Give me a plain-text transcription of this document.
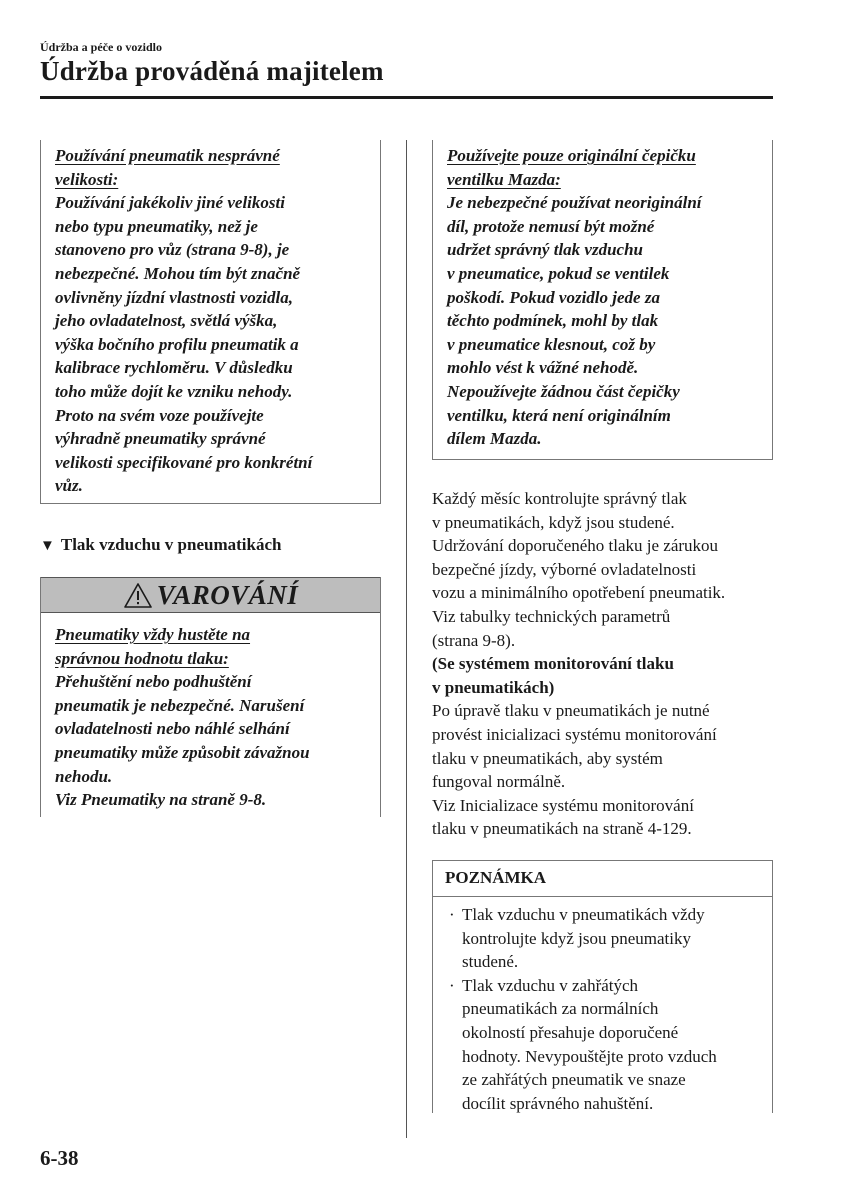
Údržba a péče o vozidlo
Údržba prováděná majitelem
Používání pneumatik nesprávné
velikosti:
Používání jakékoliv jiné velikosti
nebo typu pneumatiky, než je
stanoveno pro vůz (strana 9-8), je
nebezpečné. Mohou tím být značně
ovlivněny jízdní vlastnosti vozidla,
jeho ovladatelnost, světlá výška,
výška bočního profilu pneumatik a
kalibrace rychloměru. V důsledku
toho může dojít ke vzniku nehody.
Proto na svém voze používejte
výhradně pneumatiky správné
velikosti specifikované pro konkrétní
vůz.
▼ Tlak vzduchu v pneumatikách
VAROVÁNÍ
Pneumatiky vždy hustěte na
správnou hodnotu tlaku:
Přehuštění nebo podhuštění
pneumatik je nebezpečné. Narušení
ovladatelnosti nebo náhlé selhání
pneumatiky může způsobit závažnou
nehodu.
Viz Pneumatiky na straně 9-8.
Používejte pouze originální čepičku
ventilku Mazda:
Je nebezpečné používat neoriginální
díl, protože nemusí být možné
udržet správný tlak vzduchu
v pneumatice, pokud se ventilek
poškodí. Pokud vozidlo jede za
těchto podmínek, mohl by tlak
v pneumatice klesnout, což by
mohlo vést k vážné nehodě.
Nepoužívejte žádnou část čepičky
ventilku, která není originálním
dílem Mazda.
Každý měsíc kontrolujte správný tlak
v pneumatikách, když jsou studené.
Udržování doporučeného tlaku je zárukou
bezpečné jízdy, výborné ovladatelnosti
vozu a minimálního opotřebení pneumatik.
Viz tabulky technických parametrů
(strana 9-8).
(Se systémem monitorování tlaku
v pneumatikách)
Po úpravě tlaku v pneumatikách je nutné
provést inicializaci systému monitorování
tlaku v pneumatikách, aby systém
fungoval normálně.
Viz Inicializace systému monitorování
tlaku v pneumatikách na straně 4-129.
POZNÁMKA
· Tlak vzduchu v pneumatikách vždy
kontrolujte když jsou pneumatiky
studené.
· Tlak vzduchu v zahřátých
pneumatikách za normálních
okolností přesahuje doporučené
hodnoty. Nevypouštějte proto vzduch
ze zahřátých pneumatik ve snaze
docílit správného nahuštění.
6-38
